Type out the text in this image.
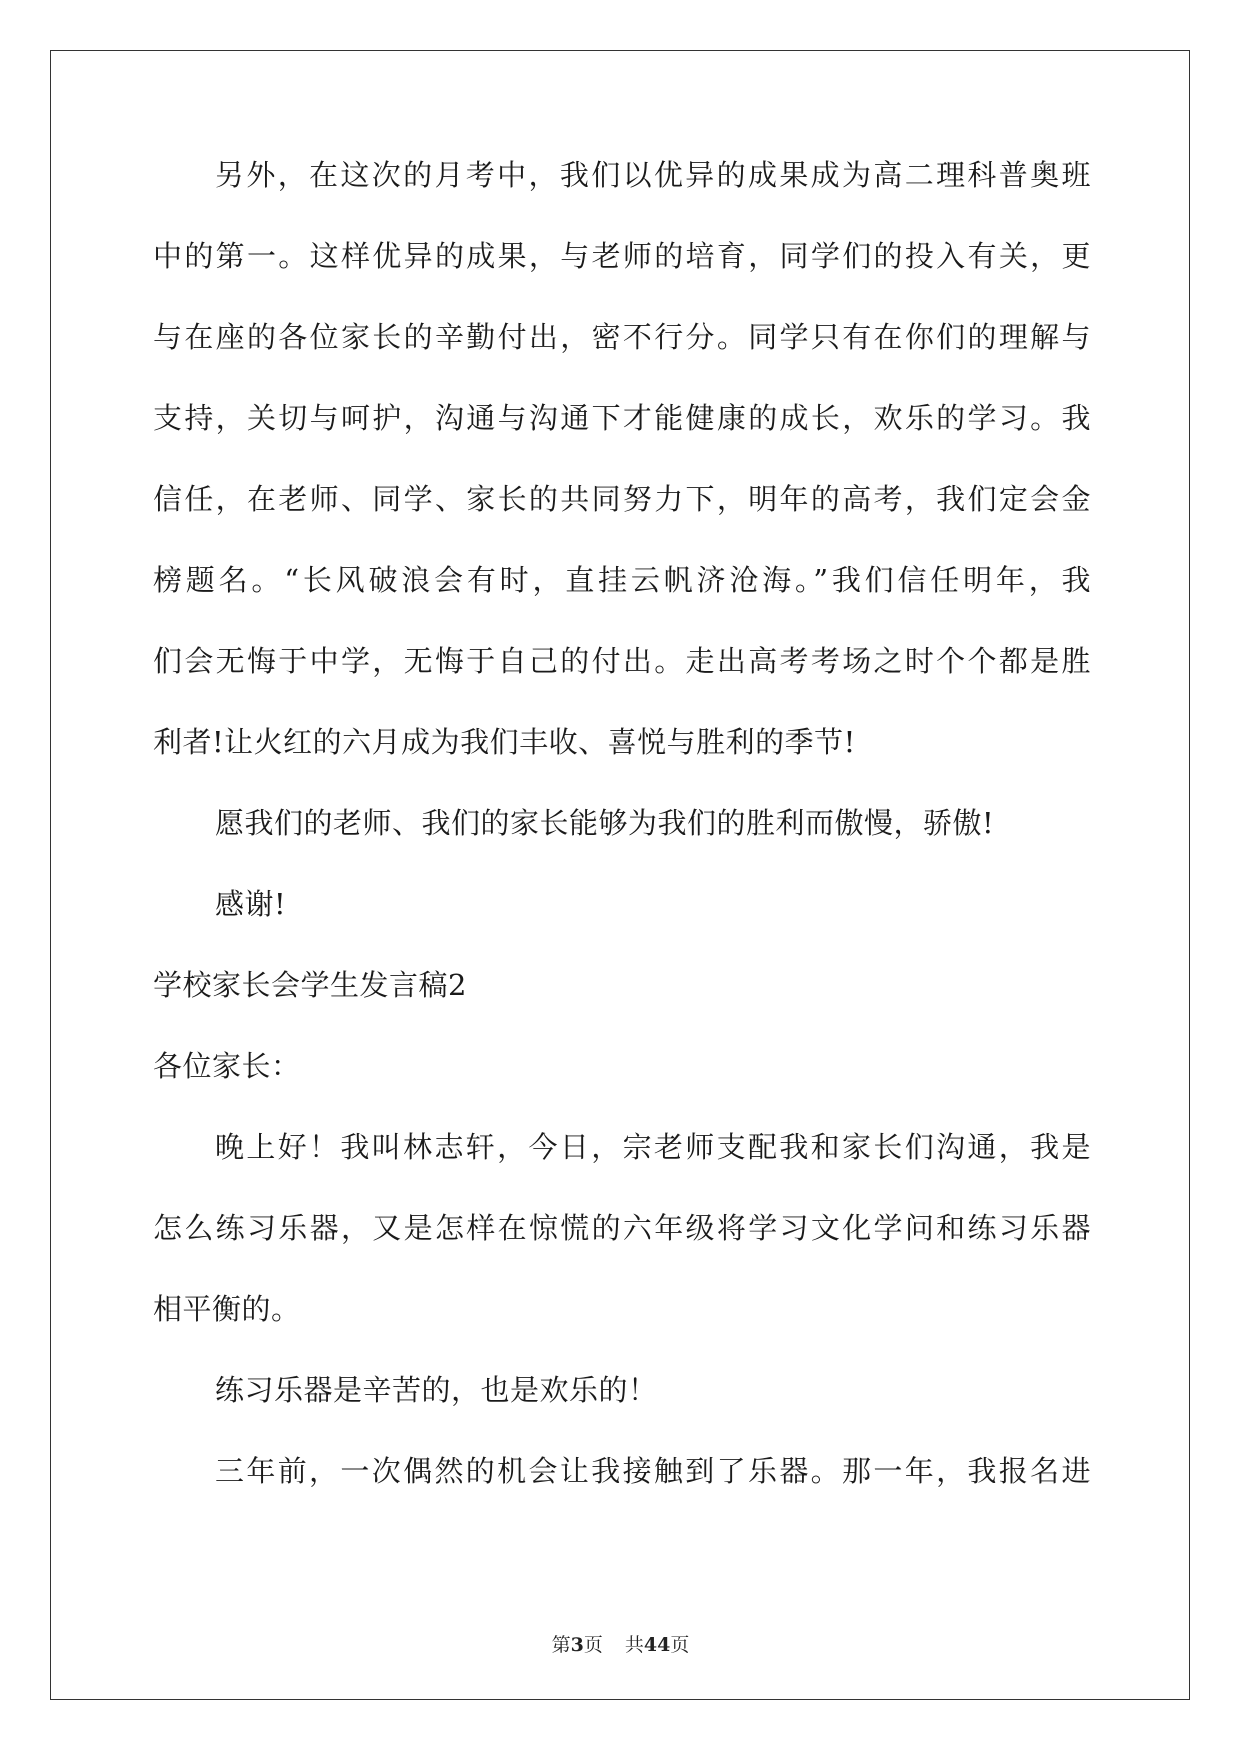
另外，在这次的月考中，我们以优异的成果成为高二理科普奥班
中的第一。这样优异的成果，与老师的培育，同学们的投入有关，更
与在座的各位家长的辛勤付出，密不行分。同学只有在你们的理解与
支持，关切与呵护，沟通与沟通下才能健康的成长，欢乐的学习。我
信任，在老师、同学、家长的共同努力下，明年的高考，我们定会金
榜题名。“长风破浪会有时，直挂云帆济沧海。”我们信任明年，我
们会无悔于中学，无悔于自己的付出。走出高考考场之时个个都是胜
利者!让火红的六月成为我们丰收、喜悦与胜利的季节!
愿我们的老师、我们的家长能够为我们的胜利而傲慢，骄傲!
感谢!
学校家长会学生发言稿2
各位家长：
晚上好！我叫林志轩，今日，宗老师支配我和家长们沟通，我是
怎么练习乐器，又是怎样在惊慌的六年级将学习文化学问和练习乐器
相平衡的。
练习乐器是辛苦的，也是欢乐的！
三年前，一次偶然的机会让我接触到了乐器。那一年，我报名进
第3页 共44页
